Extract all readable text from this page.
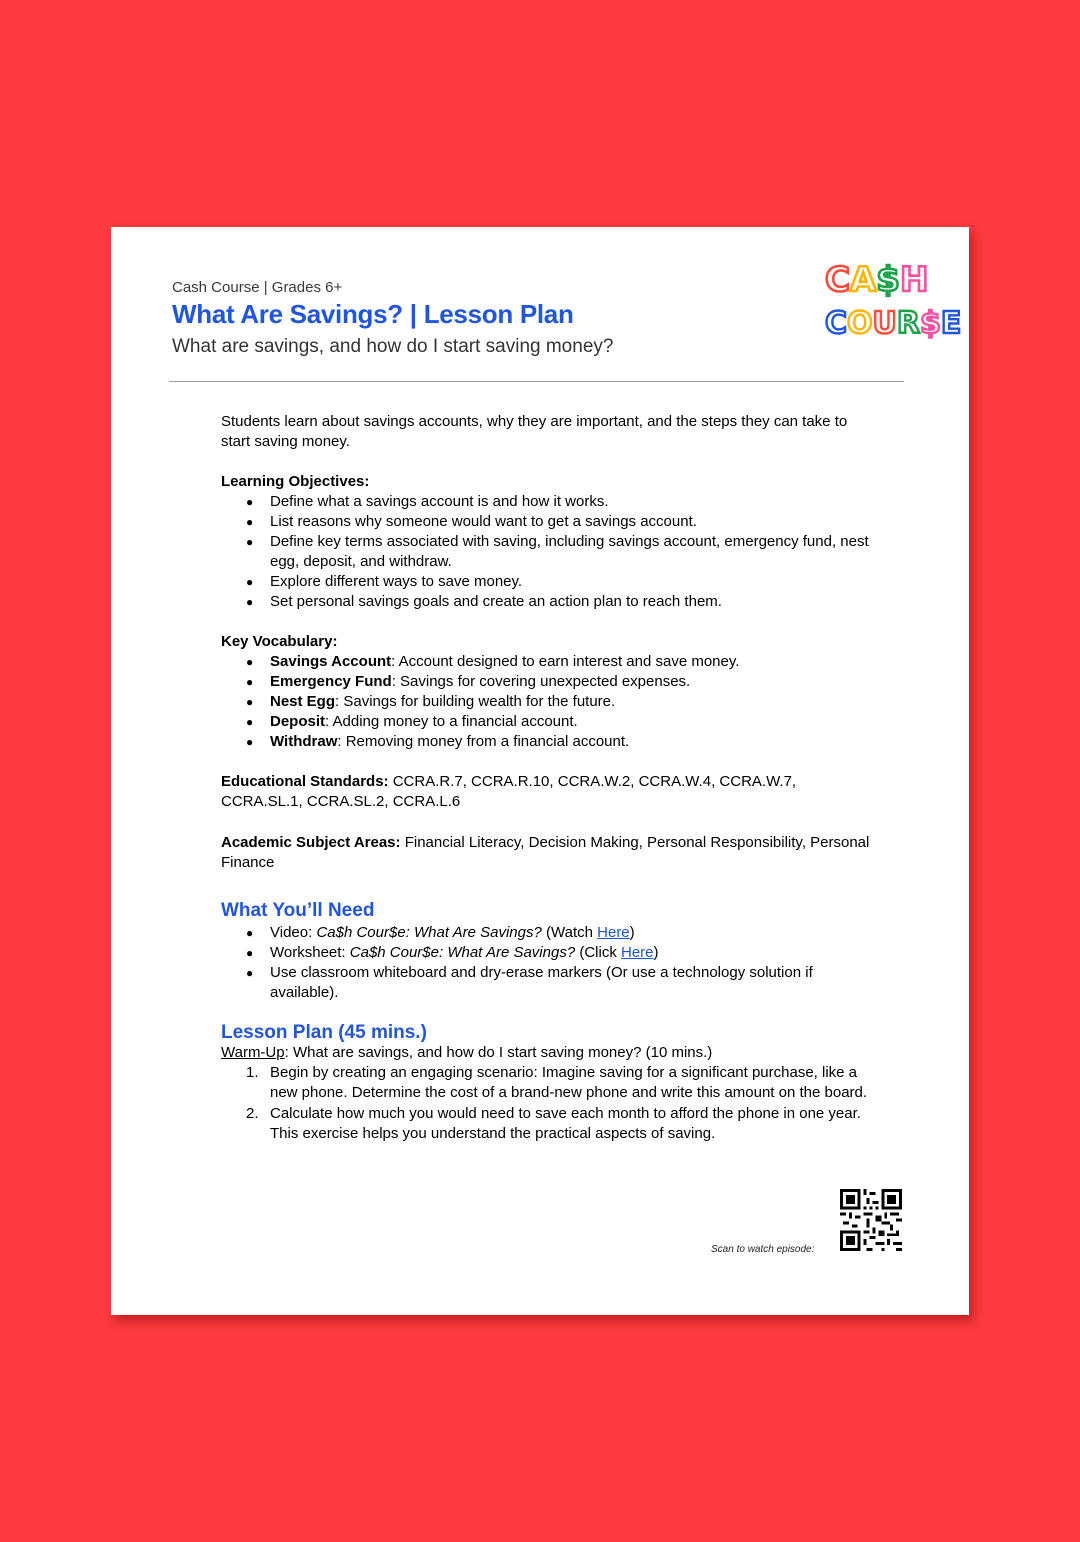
Cash Course | Grades 6+

What Are Savings? | Lesson Plan

What are savings, and how do I start saving money?

CA$H
COUR$E

Students learn about savings accounts, why they are important, and the steps they can take to start saving money.

Learning Objectives:

● Define what a savings account is and how it works.
● List reasons why someone would want to get a savings account.
● Define key terms associated with saving, including savings account, emergency fund, nest egg, deposit, and withdraw.
● Explore different ways to save money.
● Set personal savings goals and create an action plan to reach them.

Key Vocabulary:

● Savings Account: Account designed to earn interest and save money.
● Emergency Fund: Savings for covering unexpected expenses.
● Nest Egg: Savings for building wealth for the future.
● Deposit: Adding money to a financial account.
● Withdraw: Removing money from a financial account.

Educational Standards: CCRA.R.7, CCRA.R.10, CCRA.W.2, CCRA.W.4, CCRA.W.7, CCRA.SL.1, CCRA.SL.2, CCRA.L.6

Academic Subject Areas: Financial Literacy, Decision Making, Personal Responsibility, Personal Finance

What You’ll Need

● Video: Ca$h Cour$e: What Are Savings? (Watch Here)
● Worksheet: Ca$h Cour$e: What Are Savings? (Click Here)
● Use classroom whiteboard and dry-erase markers (Or use a technology solution if available).

Lesson Plan (45 mins.)

Warm-Up: What are savings, and how do I start saving money? (10 mins.)

1. Begin by creating an engaging scenario: Imagine saving for a significant purchase, like a new phone. Determine the cost of a brand-new phone and write this amount on the board.
2. Calculate how much you would need to save each month to afford the phone in one year. This exercise helps you understand the practical aspects of saving.
Scan to watch episode:
